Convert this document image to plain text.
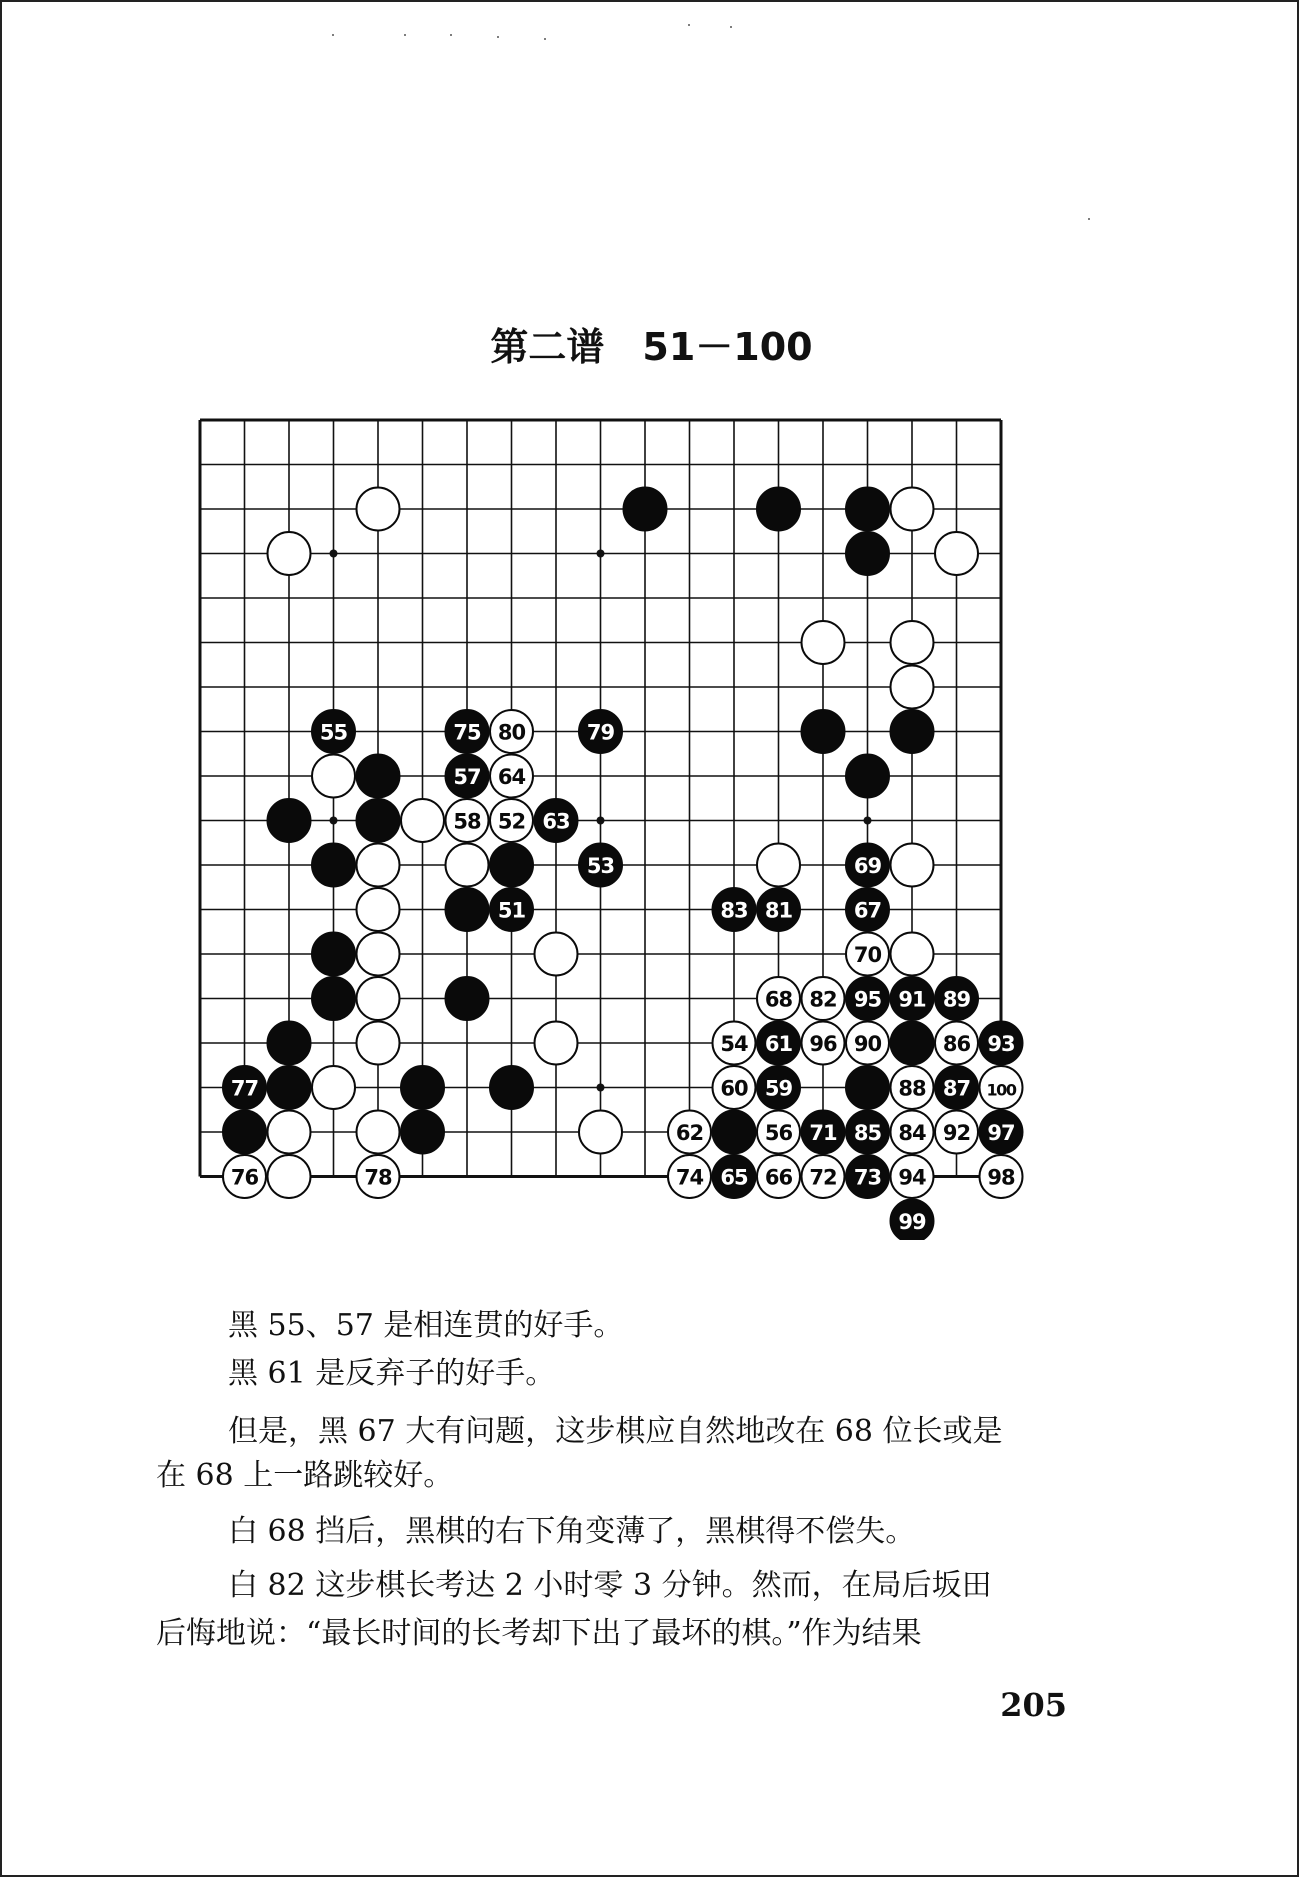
第二谱　51－100
55	75 80	79
57 64
58 52 63
53	69
51	83 81	67
70
68 82 95 91 89
54 61 96 90	86 93
77	60 59	88 87 100
62	56 71 85 84 92 97
76	78	74 65 66 72 73 94	98
99
黑 55、57 是相连贯的好手。
黑 61 是反弃子的好手。
但是，黑 67 大有问题，这步棋应自然地改在 68 位长或是
在 68 上一路跳较好。
白 68 挡后，黑棋的右下角变薄了，黑棋得不偿失。
白 82 这步棋长考达 2 小时零 3 分钟。然而，在局后坂田
后悔地说：“最长时间的长考却下出了最坏的棋。”作为结果
205
